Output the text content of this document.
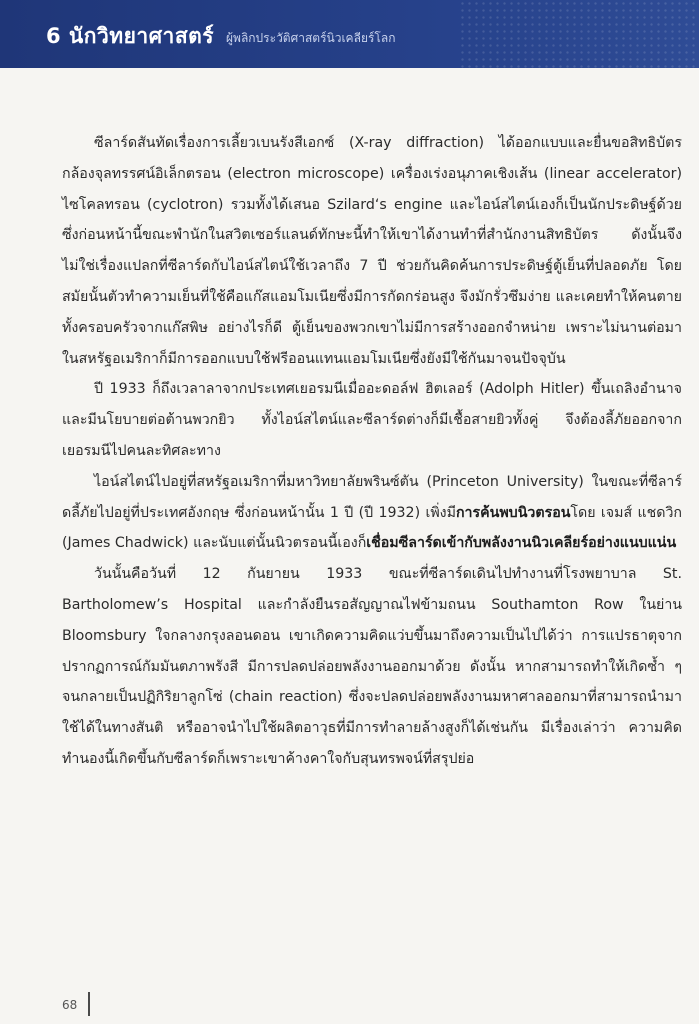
6 นักวิทยาศาสตร์ ผู้พลิกประวัติศาสตร์นิวเคลียร์โลก

ซีลาร์ดสันทัดเรื่องการเลี้ยวเบนรังสีเอกซ์ (X-ray diffraction) ได้ออกแบบและยื่นขอสิทธิบัตรกล้องจุลทรรศน์อิเล็กตรอน (electron microscope) เครื่องเร่งอนุภาคเชิงเส้น (linear accelerator) ไซโคลทรอน (cyclotron) รวมทั้งได้เสนอ Szilard‘s engine และไอน์สไตน์เองก็เป็นนักประดิษฐ์ด้วย ซึ่งก่อนหน้านี้ขณะพำนักในสวิตเซอร์แลนด์ทักษะนี้ทำให้เขาได้งานทำที่สำนักงานสิทธิบัตร ดังนั้นจึงไม่ใช่เรื่องแปลกที่ซีลาร์ดกับไอน์สไตน์ใช้เวลาถึง 7 ปี ช่วยกันคิดค้นการประดิษฐ์ตู้เย็นที่ปลอดภัย โดยสมัยนั้นตัวทำความเย็นที่ใช้คือแก๊สแอมโมเนียซึ่งมีการกัดกร่อนสูง จึงมักรั่วซึมง่าย และเคยทำให้คนตายทั้งครอบครัวจากแก๊สพิษ อย่างไรก็ดี ตู้เย็นของพวกเขาไม่มีการสร้างออกจำหน่าย เพราะไม่นานต่อมาในสหรัฐอเมริกาก็มีการออกแบบใช้ฟรีออนแทนแอมโมเนียซึ่งยังมีใช้กันมาจนปัจจุบัน

ปี 1933 ก็ถึงเวลาลาจากประเทศเยอรมนีเมื่ออะดอล์ฟ ฮิตเลอร์ (Adolph Hitler) ขึ้นเถลิงอำนาจ และมีนโยบายต่อต้านพวกยิว ทั้งไอน์สไตน์และซีลาร์ดต่างก็มีเชื้อสายยิวทั้งคู่ จึงต้องลี้ภัยออกจากเยอรมนีไปคนละทิศละทาง

ไอน์สไตน์ไปอยู่ที่สหรัฐอเมริกาที่มหาวิทยาลัยพรินซ์ตัน (Princeton University) ในขณะที่ซีลาร์ดลี้ภัยไปอยู่ที่ประเทศอังกฤษ ซึ่งก่อนหน้านั้น 1 ปี (ปี 1932) เพิ่งมีการค้นพบนิวตรอนโดย เจมส์ แชดวิก (James Chadwick) และนับแต่นั้นนิวตรอนนี้เองก็เชื่อมซีลาร์ดเข้ากับพลังงานนิวเคลียร์อย่างแนบแน่น

วันนั้นคือวันที่ 12 กันยายน 1933 ขณะที่ซีลาร์ดเดินไปทำงานที่โรงพยาบาล St. Bartholomew’s Hospital และกำลังยืนรอสัญญาณไฟข้ามถนน Southamton Row ในย่าน Bloomsbury ใจกลางกรุงลอนดอน เขาเกิดความคิดแว่บขึ้นมาถึงความเป็นไปได้ว่า การแปรธาตุจากปรากฏการณ์กัมมันตภาพรังสี มีการปลดปล่อยพลังงานออกมาด้วย ดังนั้น หากสามารถทำให้เกิดซ้ำ ๆ จนกลายเป็นปฏิกิริยาลูกโซ่ (chain reaction) ซึ่งจะปลดปล่อยพลังงานมหาศาลออกมาที่สามารถนำมาใช้ได้ในทางสันติ หรืออาจนำไปใช้ผลิตอาวุธที่มีการทำลายล้างสูงก็ได้เช่นกัน มีเรื่องเล่าว่า ความคิดทำนองนี้เกิดขึ้นกับซีลาร์ดก็เพราะเขาค้างคาใจกับสุนทรพจน์ที่สรุปย่อ

68
